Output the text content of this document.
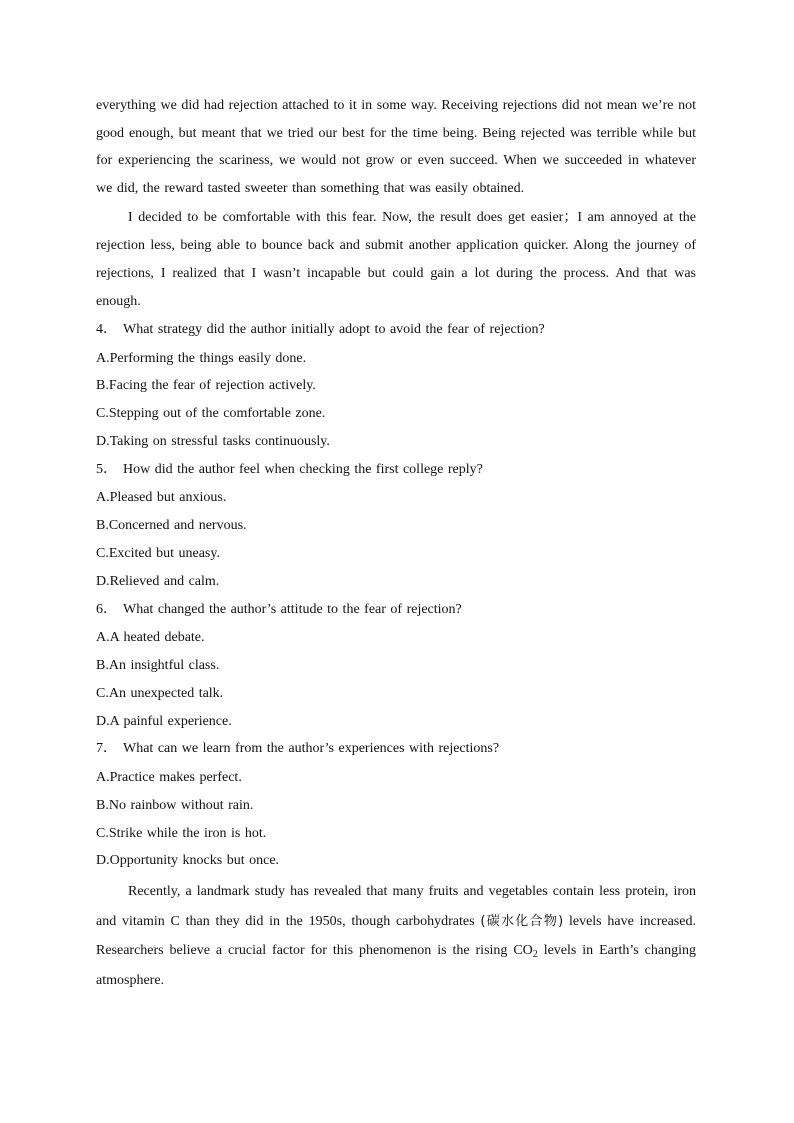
everything we did had rejection attached to it in some way. Receiving rejections did not mean we’re not good enough, but meant that we tried our best for the time being. Being rejected was terrible while but for experiencing the scariness, we would not grow or even succeed. When we succeeded in whatever we did, the reward tasted sweeter than something that was easily obtained.

I decided to be comfortable with this fear. Now, the result does get easier；I am annoyed at the rejection less, being able to bounce back and submit another application quicker. Along the journey of rejections, I realized that I wasn’t incapable but could gain a lot during the process. And that was enough.

4． What strategy did the author initially adopt to avoid the fear of rejection?

A.Performing the things easily done.

B.Facing the fear of rejection actively.

C.Stepping out of the comfortable zone.

D.Taking on stressful tasks continuously.

5． How did the author feel when checking the first college reply?

A.Pleased but anxious.

B.Concerned and nervous.

C.Excited but uneasy.

D.Relieved and calm.

6． What changed the author’s attitude to the fear of rejection?

A.A heated debate.

B.An insightful class.

C.An unexpected talk.

D.A painful experience.

7． What can we learn from the author’s experiences with rejections?

A.Practice makes perfect.

B.No rainbow without rain.

C.Strike while the iron is hot.

D.Opportunity knocks but once.

Recently, a landmark study has revealed that many fruits and vegetables contain less protein, iron and vitamin C than they did in the 1950s, though carbohydrates (碳水化合物) levels have increased. Researchers believe a crucial factor for this phenomenon is the rising $CO_2$ levels in Earth’s changing atmosphere.
